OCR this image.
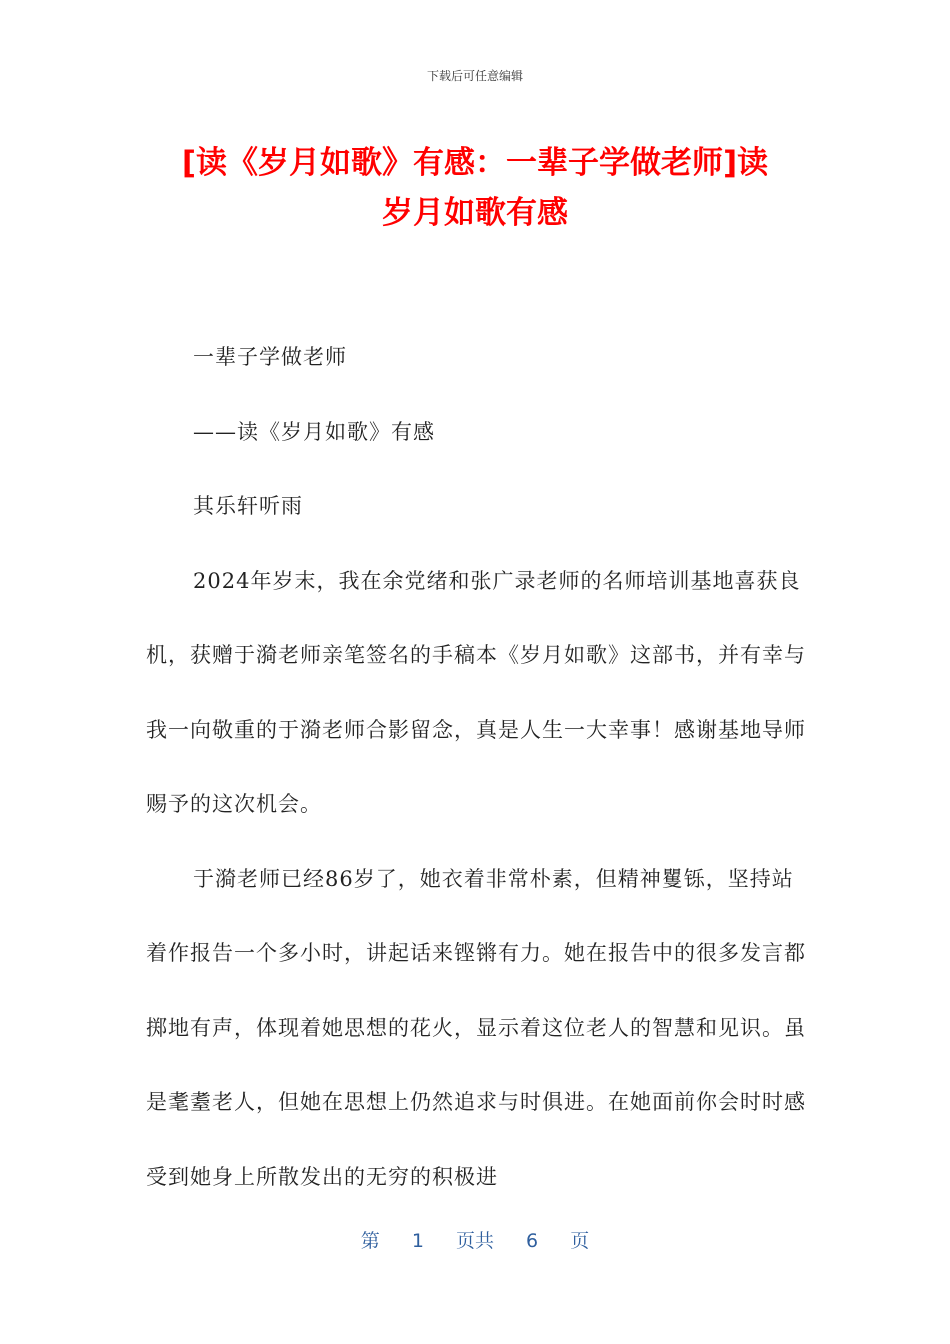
下载后可任意编辑
[读《岁月如歌》有感：一辈子学做老师]读
岁月如歌有感

一辈子学做老师

——读《岁月如歌》有感

其乐轩听雨

2024年岁末，我在余党绪和张广录老师的名师培训基地喜获良机，获赠于漪老师亲笔签名的手稿本《岁月如歌》这部书，并有幸与我一向敬重的于漪老师合影留念，真是人生一大幸事！感谢基地导师赐予的这次机会。

于漪老师已经86岁了，她衣着非常朴素，但精神矍铄，坚持站着作报告一个多小时，讲起话来铿锵有力。她在报告中的很多发言都掷地有声，体现着她思想的花火，显示着这位老人的智慧和见识。虽是耄耋老人，但她在思想上仍然追求与时俱进。在她面前你会时时感受到她身上所散发出的无穷的积极进

第 1 页共 6 页
